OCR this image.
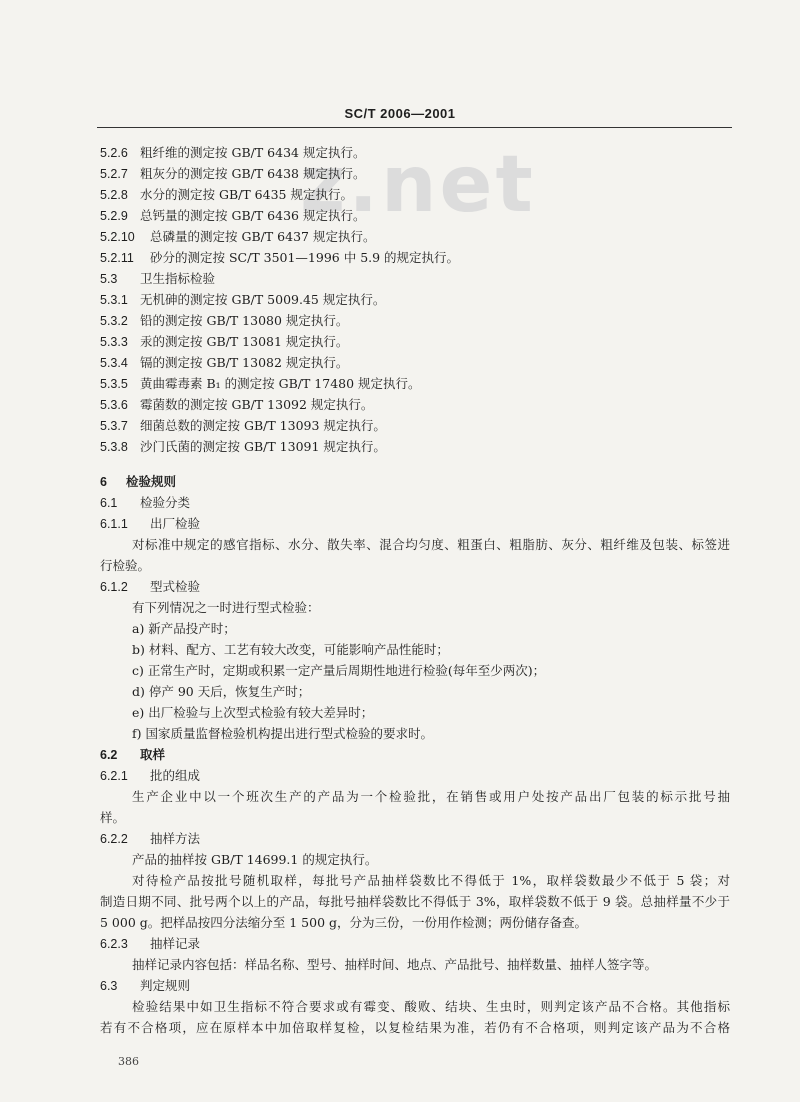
SC/T 2006—2001
z.net
5.2.6 粗纤维的测定按 GB/T 6434 规定执行。
5.2.7 粗灰分的测定按 GB/T 6438 规定执行。
5.2.8 水分的测定按 GB/T 6435 规定执行。
5.2.9 总钙量的测定按 GB/T 6436 规定执行。
5.2.10 总磷量的测定按 GB/T 6437 规定执行。
5.2.11 砂分的测定按 SC/T 3501—1996 中 5.9 的规定执行。
5.3 卫生指标检验
5.3.1 无机砷的测定按 GB/T 5009.45 规定执行。
5.3.2 铅的测定按 GB/T 13080 规定执行。
5.3.3 汞的测定按 GB/T 13081 规定执行。
5.3.4 镉的测定按 GB/T 13082 规定执行。
5.3.5 黄曲霉毒素 B₁ 的测定按 GB/T 17480 规定执行。
5.3.6 霉菌数的测定按 GB/T 13092 规定执行。
5.3.7 细菌总数的测定按 GB/T 13093 规定执行。
5.3.8 沙门氏菌的测定按 GB/T 13091 规定执行。
6 检验规则
6.1 检验分类
6.1.1 出厂检验
对标准中规定的感官指标、水分、散失率、混合均匀度、粗蛋白、粗脂肪、灰分、粗纤维及包装、标签进
行检验。
6.1.2 型式检验
有下列情况之一时进行型式检验：
a) 新产品投产时；
b) 材料、配方、工艺有较大改变，可能影响产品性能时；
c) 正常生产时，定期或积累一定产量后周期性地进行检验(每年至少两次)；
d) 停产 90 天后，恢复生产时；
e) 出厂检验与上次型式检验有较大差异时；
f) 国家质量监督检验机构提出进行型式检验的要求时。
6.2 取样
6.2.1 批的组成
生产企业中以一个班次生产的产品为一个检验批，在销售或用户处按产品出厂包装的标示批号抽
样。
6.2.2 抽样方法
产品的抽样按 GB/T 14699.1 的规定执行。
对待检产品按批号随机取样，每批号产品抽样袋数比不得低于 1%，取样袋数最少不低于 5 袋；对
制造日期不同、批号两个以上的产品，每批号抽样袋数比不得低于 3%，取样袋数不低于 9 袋。总抽样量不少于
5 000 g。把样品按四分法缩分至 1 500 g，分为三份，一份用作检测；两份储存备查。
6.2.3 抽样记录
抽样记录内容包括：样品名称、型号、抽样时间、地点、产品批号、抽样数量、抽样人签字等。
6.3 判定规则
检验结果中如卫生指标不符合要求或有霉变、酸败、结块、生虫时，则判定该产品不合格。其他指标
若有不合格项，应在原样本中加倍取样复检，以复检结果为准，若仍有不合格项，则判定该产品为不合格
386
